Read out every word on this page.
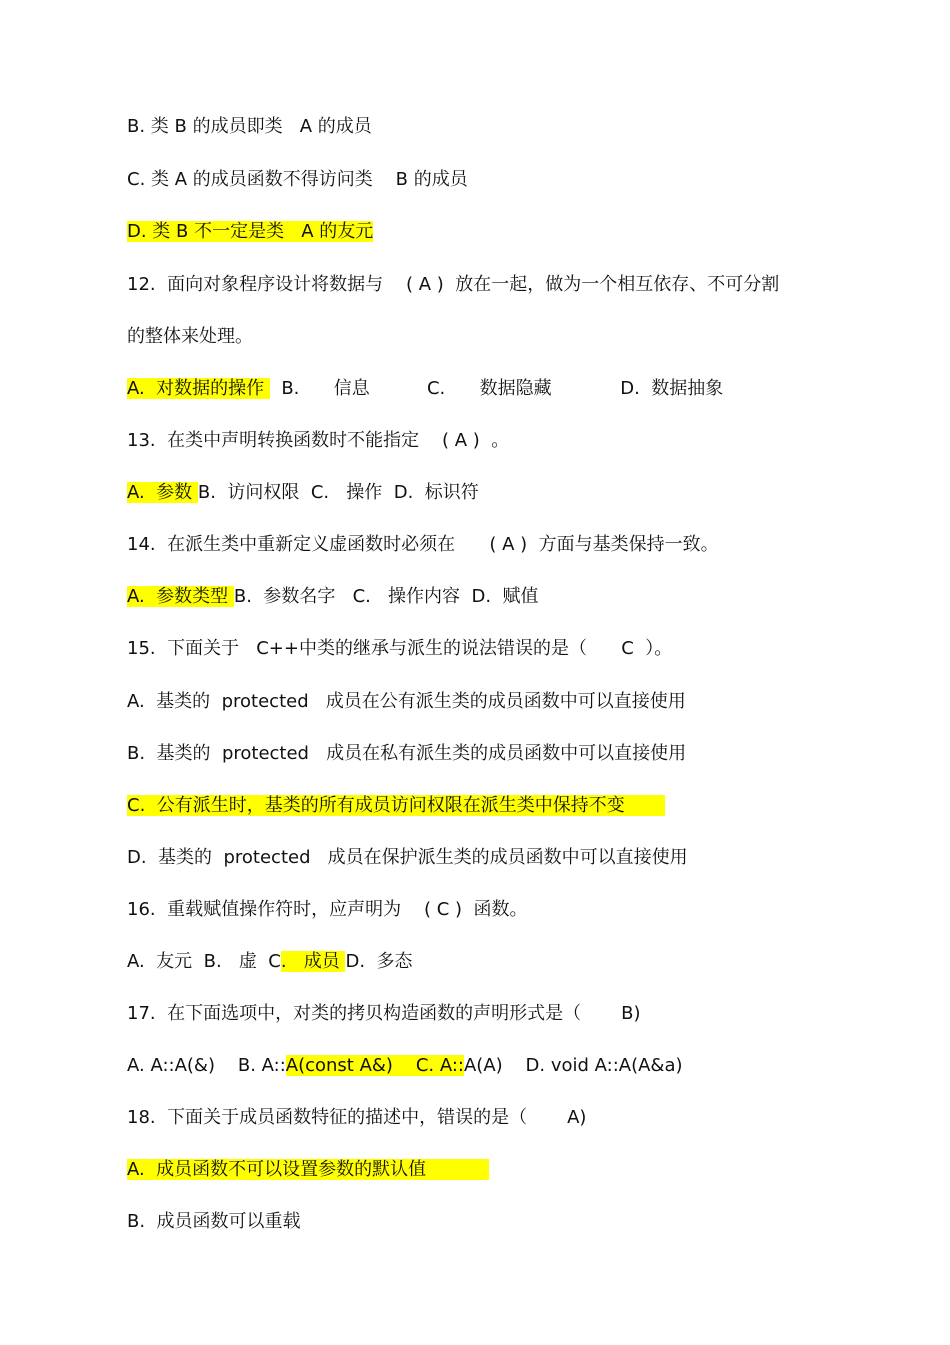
B. 类 B 的成员即类   A 的成员
C. 类 A 的成员函数不得访问类    B 的成员
D. 类 B 不一定是类   A 的友元
12.  面向对象程序设计将数据与    ( A )  放在一起，做为一个相互依存、不可分割
的整体来处理。
A.  对数据的操作   B.      信息          C.      数据隐藏            D.  数据抽象
13.  在类中声明转换函数时不能指定    ( A )  。
A.  参数 B.  访问权限  C.   操作  D.  标识符
14.  在派生类中重新定义虚函数时必须在      ( A )  方面与基类保持一致。
A.  参数类型 B.  参数名字   C.   操作内容  D.  赋值
15.  下面关于   C++中类的继承与派生的说法错误的是（      C  ）。
A.  基类的  protected   成员在公有派生类的成员函数中可以直接使用
B.  基类的  protected   成员在私有派生类的成员函数中可以直接使用
C.  公有派生时，基类的所有成员访问权限在派生类中保持不变
D.  基类的  protected   成员在保护派生类的成员函数中可以直接使用
16.  重载赋值操作符时，应声明为    ( C )  函数。
A.  友元  B.   虚  C.   成员 D.  多态
17.  在下面选项中，对类的拷贝构造函数的声明形式是（       B)
A. A::A(&)    B. A::A(const A&)    C. A::A(A)    D. void A::A(A&a)
18.  下面关于成员函数特征的描述中，错误的是（       A)
A.  成员函数不可以设置参数的默认值
B.  成员函数可以重载
